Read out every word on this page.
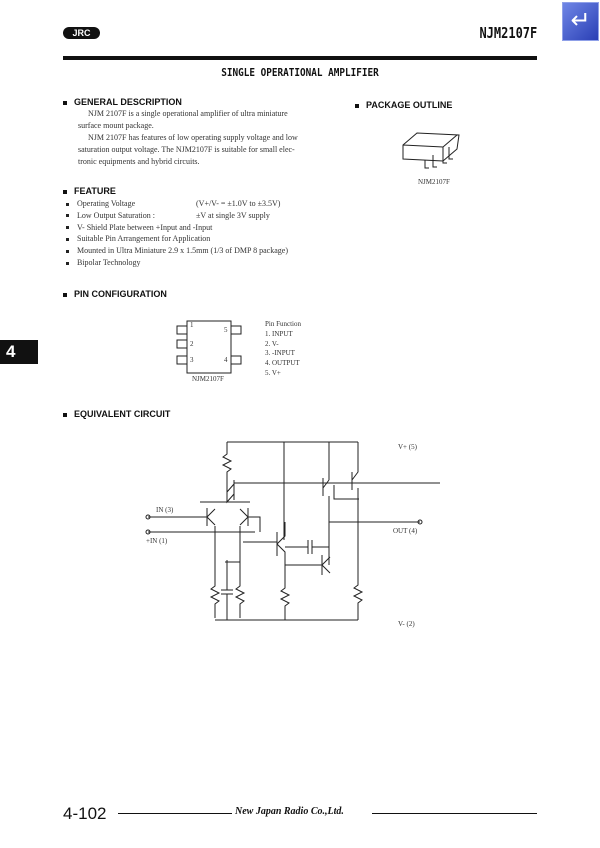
↵
JRC	NJM2107F
SINGLE OPERATIONAL AMPLIFIER
GENERAL DESCRIPTION
NJM 2107F is a single operational amplifier of ultra miniature
surface mount package.
NJM 2107F has features of low operating supply voltage and low
saturation output voltage. The NJM2107F is suitable for small elec-
tronic equipments and hybrid circuits.
PACKAGE OUTLINE
NJM2107F
FEATURE
Operating Voltage	(V+/V- = ±1.0V to ±3.5V)
Low Output Saturation :	±V at single 3V supply
V- Shield Plate between +Input and -Input
Suitable Pin Arrangement for Application
Mounted in Ultra Miniature 2.9 x 1.5mm (1/3 of DMP 8 package)
Bipolar Technology
PIN CONFIGURATION
1
2
3
5
4
NJM2107F
Pin Function
1. INPUT
2. V-
3. -INPUT
4. OUTPUT
5. V+
4
EQUIVALENT CIRCUIT
V+ (5)
IN (3)
+IN (1)
OUT (4)
V- (2)
4-102	New Japan Radio Co.,Ltd.
